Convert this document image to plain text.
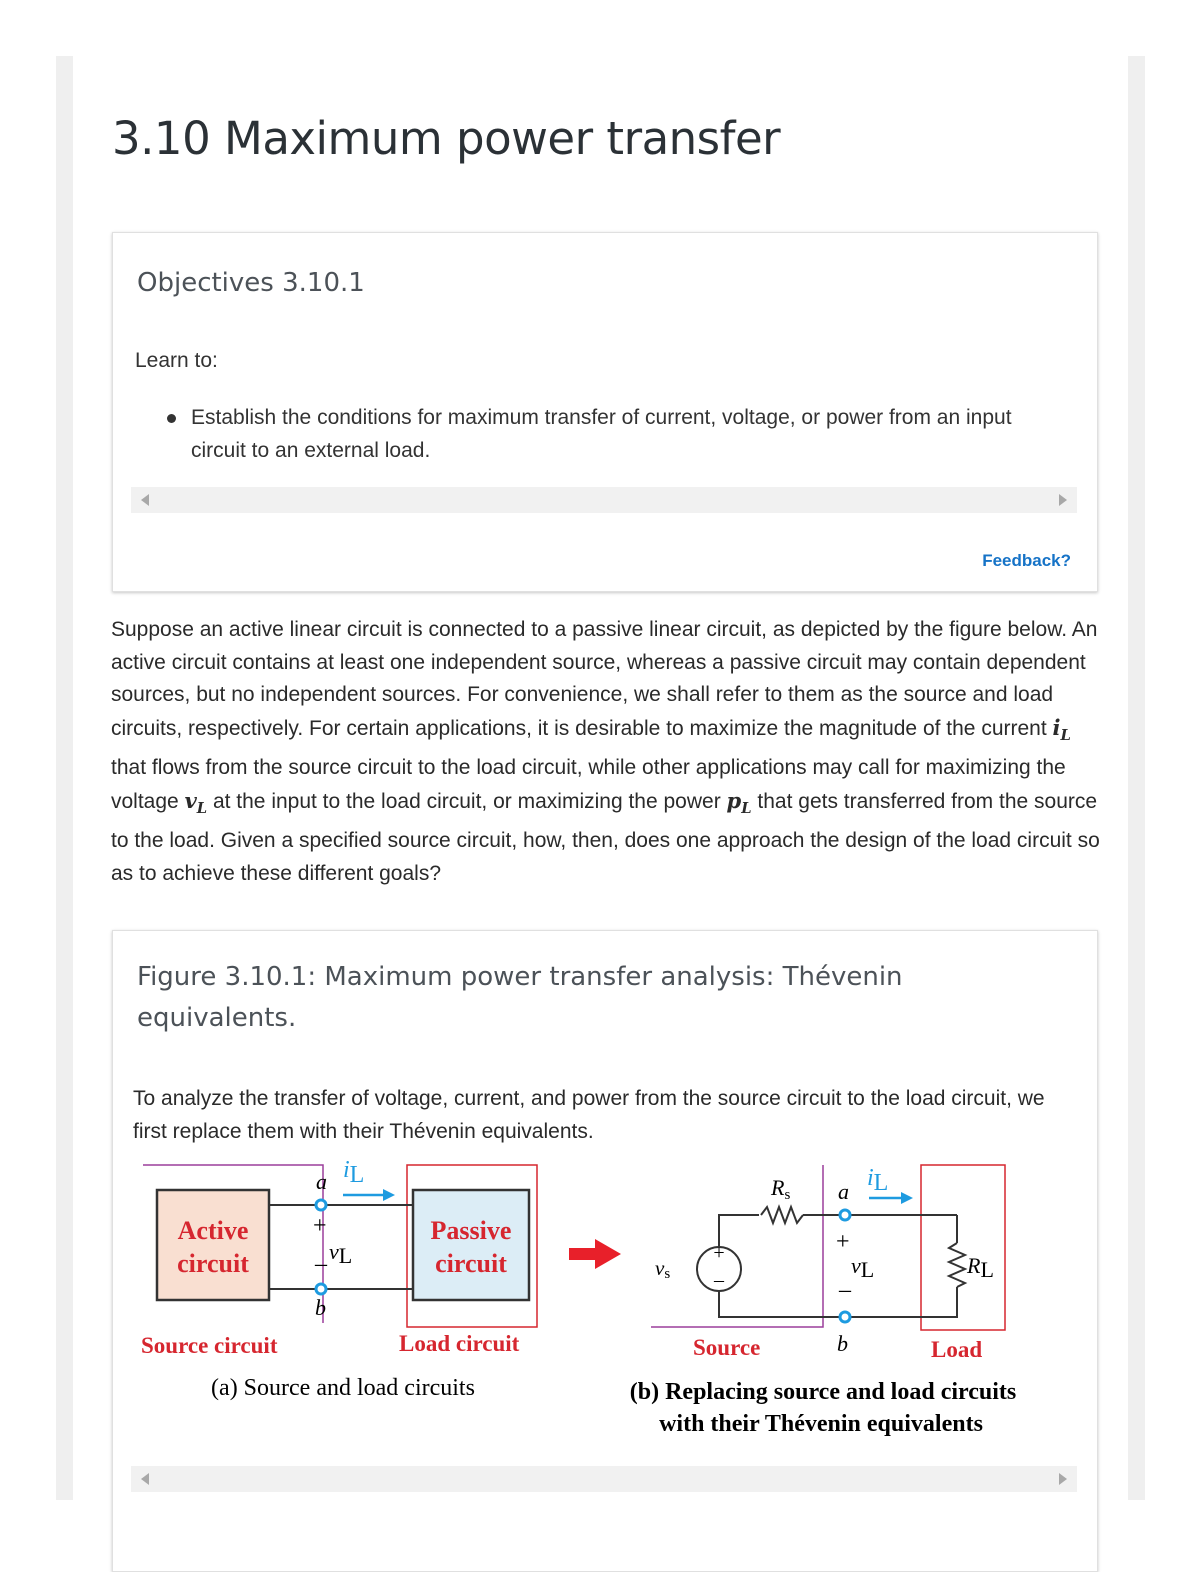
3.10 Maximum power transfer
Objectives 3.10.1
Learn to:
Establish the conditions for maximum transfer of current, voltage, or power from an input circuit to an external load.
Feedback?

Suppose an active linear circuit is connected to a passive linear circuit, as depicted by the figure below. An active circuit contains at least one independent source, whereas a passive circuit may contain dependent sources, but no independent sources. For convenience, we shall refer to them as the source and load circuits, respectively. For certain applications, it is desirable to maximize the magnitude of the current $i_L$ that flows from the source circuit to the load circuit, while other applications may call for maximizing the voltage $v_L$ at the input to the load circuit, or maximizing the power $p_L$ that gets transferred from the source to the load. Given a specified source circuit, how, then, does one approach the design of the load circuit so as to achieve these different goals?

Figure 3.10.1: Maximum power transfer analysis: Thévenin equivalents.

To analyze the transfer of voltage, current, and power from the source circuit to the load circuit, we first replace them with their Thévenin equivalents.

Active
circuit
Passive
circuit
a
b
+
– vL
iL
Source circuit	Load circuit
(a) Source and load circuits
+
–
vs
Rs a
b
+
–
vL
iL
RL
Source	Load
(b) Replacing source and load circuits
with their Thévenin equivalents
